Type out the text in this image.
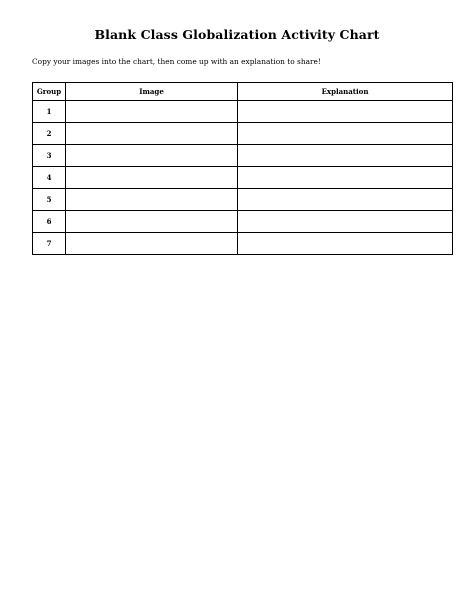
Blank Class Globalization Activity Chart
Copy your images into the chart, then come up with an explanation to share!
Group	Image	Explanation
1		
2		
3		
4		
5		
6		
7		
